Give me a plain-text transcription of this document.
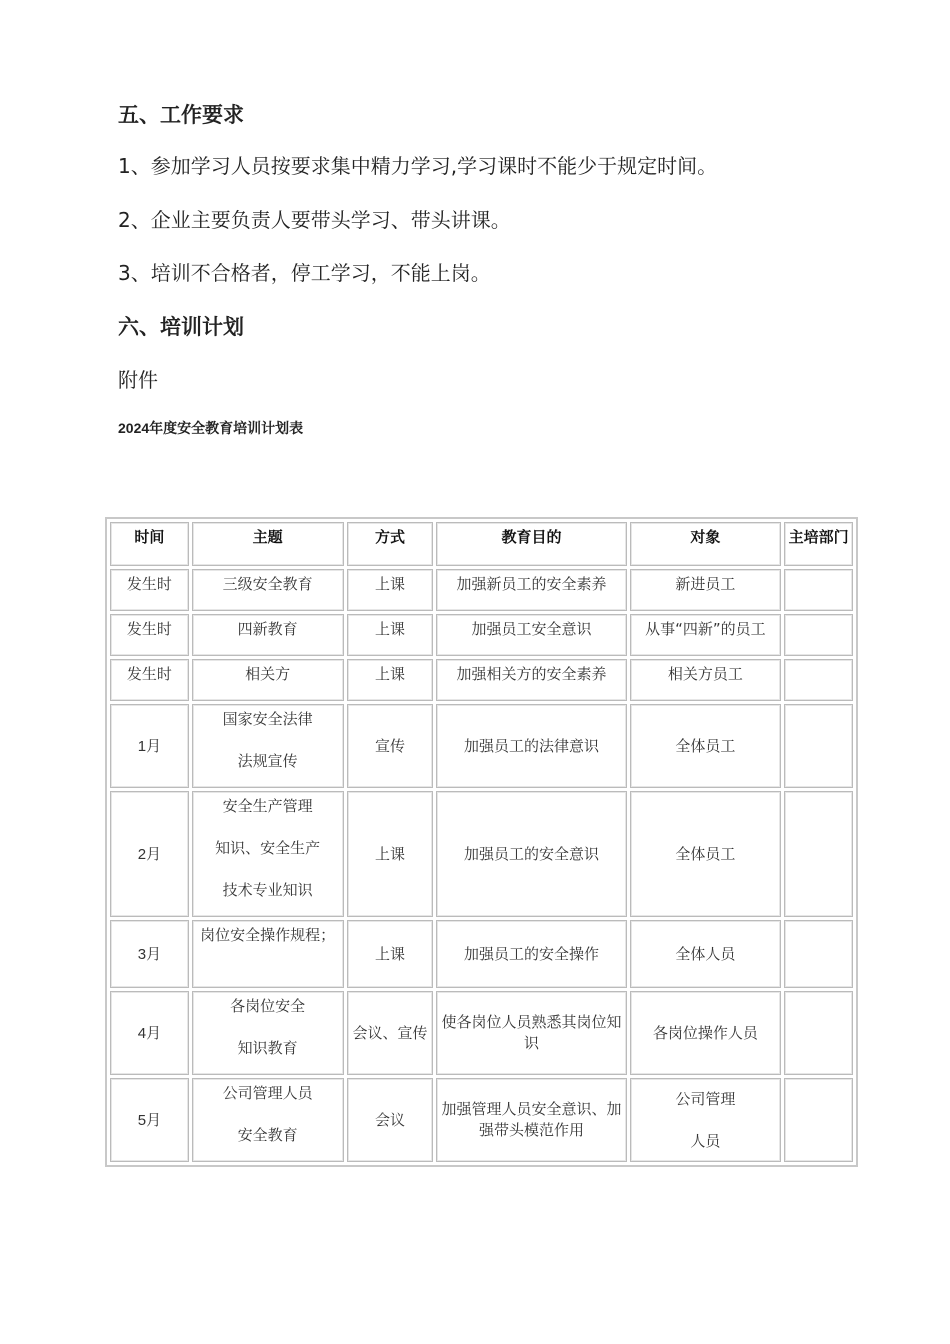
五、工作要求

1、参加学习人员按要求集中精力学习,学习课时不能少于规定时间。

2、企业主要负责人要带头学习、带头讲课。

3、培训不合格者，停工学习，不能上岗。

六、培训计划

附件

2024年度安全教育培训计划表
时间	主题	方式	教育目的	对象	主培部门
发生时	三级安全教育	上课	加强新员工的安全素养	新进员工	
发生时	四新教育	上课	加强员工安全意识	从事“四新”的员工	
发生时	相关方	上课	加强相关方的安全素养	相关方员工	
1月	国家安全法律

法规宣传	宣传	加强员工的法律意识	全体员工	
2月	安全生产管理

知识、安全生产

技术专业知识	上课	加强员工的安全意识	全体员工	
3月	岗位安全操作规程；	上课	加强员工的安全操作	全体人员	
4月	各岗位安全

知识教育	会议、宣传	使各岗位人员熟悉其岗位知识	各岗位操作人员	
5月	公司管理人员

安全教育	会议	加强管理人员安全意识、加强带头模范作用	公司管理

人员	
